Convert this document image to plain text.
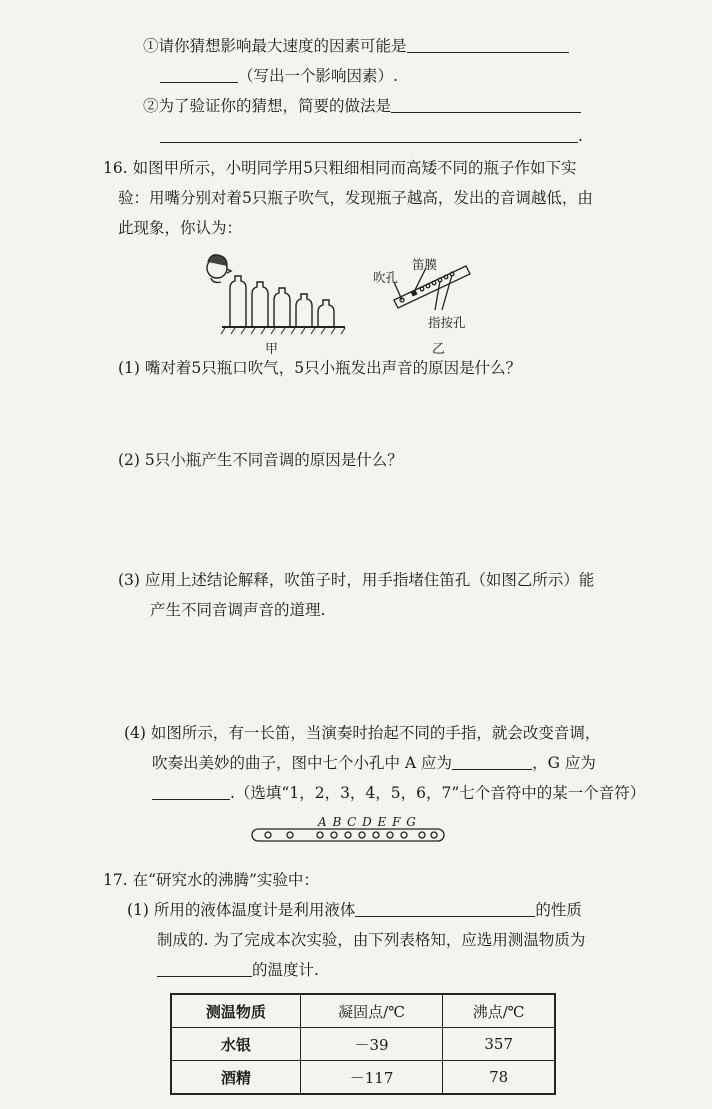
①请你猜想影响最大速度的因素可能是
（写出一个影响因素）.
②为了验证你的猜想，简要的做法是
.
16. 如图甲所示，小明同学用5只粗细相同而高矮不同的瓶子作如下实
验：用嘴分别对着5只瓶子吹气，发现瓶子越高，发出的音调越低，由
此现象，你认为：
甲
笛膜
吹孔
指按孔
乙
(1) 嘴对着5只瓶口吹气，5只小瓶发出声音的原因是什么？
(2) 5只小瓶产生不同音调的原因是什么？
(3) 应用上述结论解释，吹笛子时，用手指堵住笛孔（如图乙所示）能
产生不同音调声音的道理.
(4) 如图所示，有一长笛，当演奏时抬起不同的手指，就会改变音调，
吹奏出美妙的曲子，图中七个小孔中 A 应为	，G 应为
.（选填“1，2，3，4，5，6，7”七个音符中的某一个音符）
A B C D E F G
17. 在“研究水的沸腾”实验中：
(1) 所用的液体温度计是利用液体	的性质
制成的. 为了完成本次实验，由下列表格知，应选用测温物质为
的温度计.
测温物质	凝固点/℃	沸点/℃
水银	－39	357
酒精	－117	78
